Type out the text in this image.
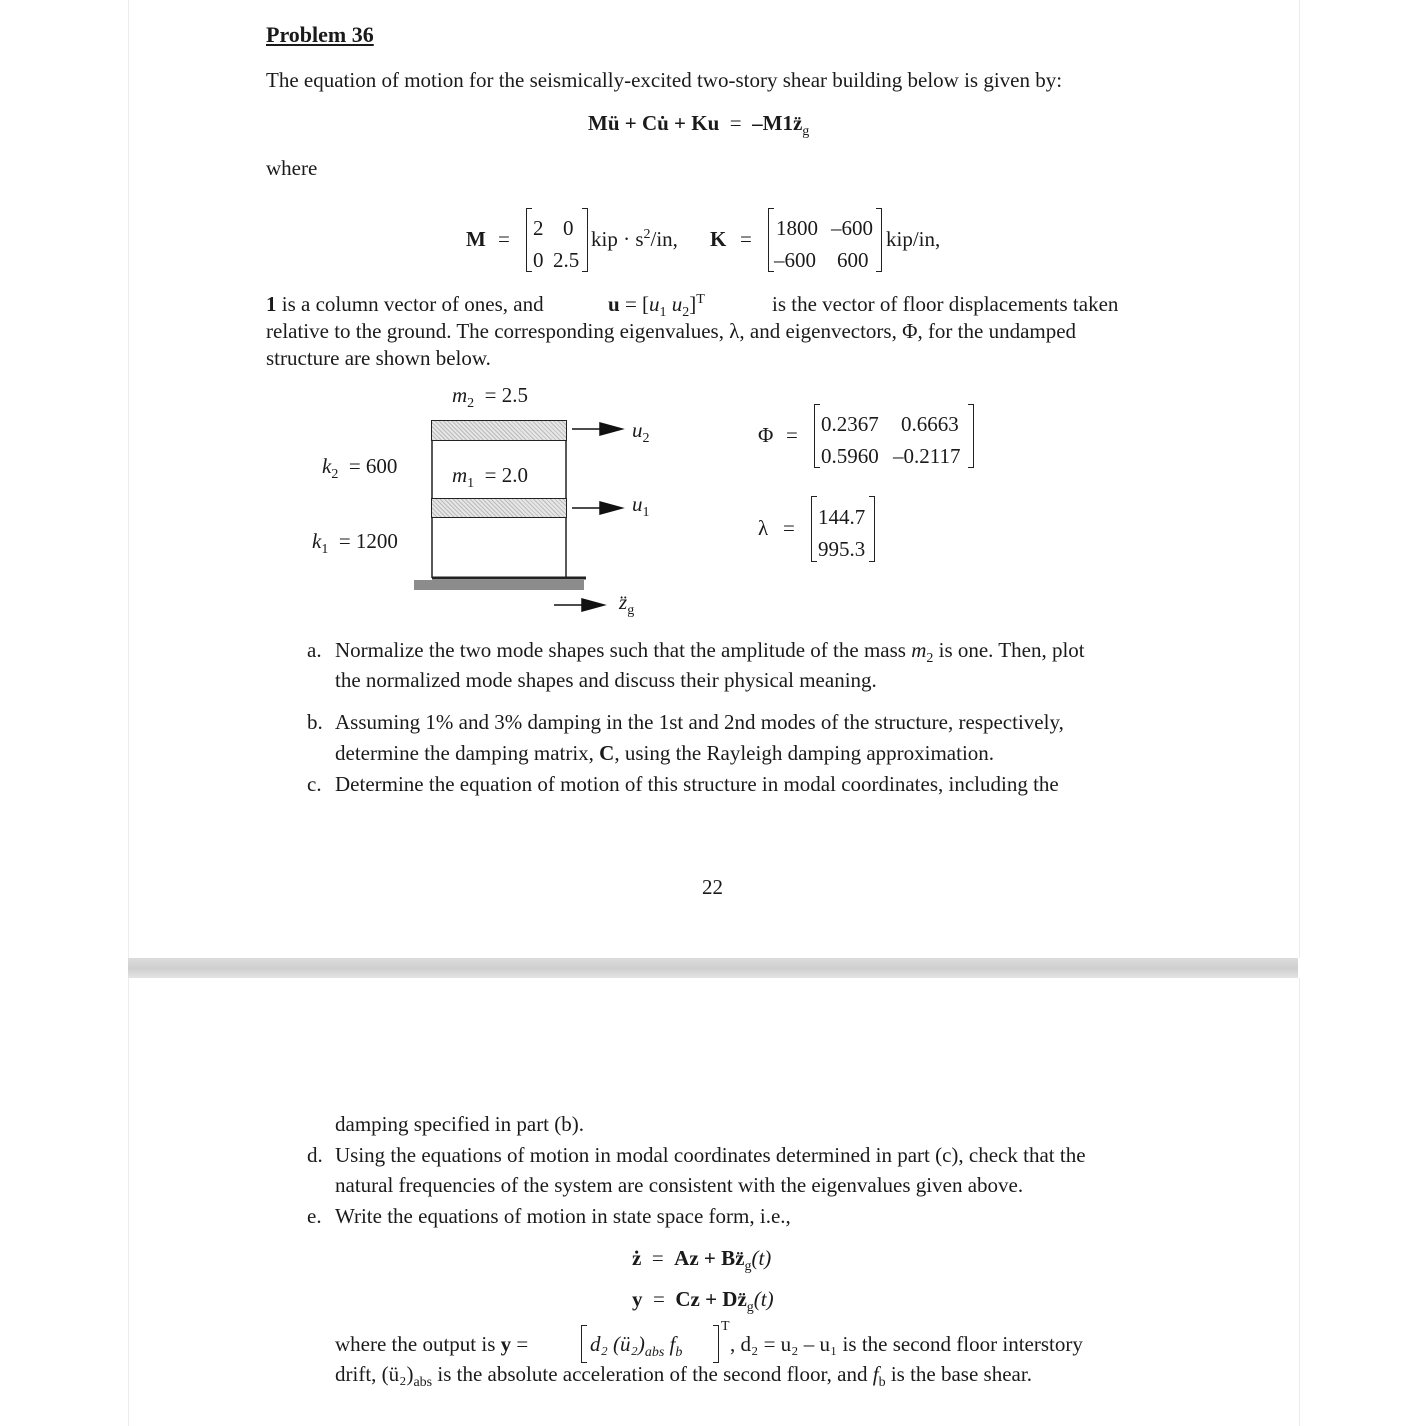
Problem 36
The equation of motion for the seismically-excited two-story shear building below is given by:
Mü + Cu̇ + $Ku = -M1z̈_g$
where
M = 2 0
0 2.5
kip · $s^2/in$, K = 1800 –600
–600 600
kip/in,
1 is a column vector of ones, and	$u = [u_1$ $u_2]^T$	is the vector of floor displacements taken
relative to the ground. The corresponding eigenvalues, λ, and eigenvectors, Φ, for the undamped
structure are shown below.
$m_2 = 2.5$
$m_1 = 2.0$
$k_2 = 600$
$k_1 = 1200$
$u_2$
$u_1$
$z̈_g$
Φ = 0.2367 0.6663
0.5960 –0.2117
λ = 144.7
995.3
a. Normalize the two mode shapes such that the amplitude of the mass $m_2$ is one. Then, plot
the normalized mode shapes and discuss their physical meaning.
b. Assuming 1% and 3% damping in the 1st and 2nd modes of the structure, respectively,
determine the damping matrix, C, using the Rayleigh damping approximation.
c. Determine the equation of motion of this structure in modal coordinates, including the
22
damping specified in part (b).
d. Using the equations of motion in modal coordinates determined in part (c), check that the
natural frequencies of the system are consistent with the eigenvalues given above.
e. Write the equations of motion in state space form, i.e.,
ż = $Az + Bz̈_g(t)$
$y = Cz + Dz̈_g(t)$
where the output is y =	d₂ $(ü_2)_{abs}$ $f_b$
T
, d₂ = u₂ – u₁ is the second floor interstory
drift, $(ü_2)_{abs}$ is the absolute acceleration of the second floor, and $f_b$ is the base shear.
